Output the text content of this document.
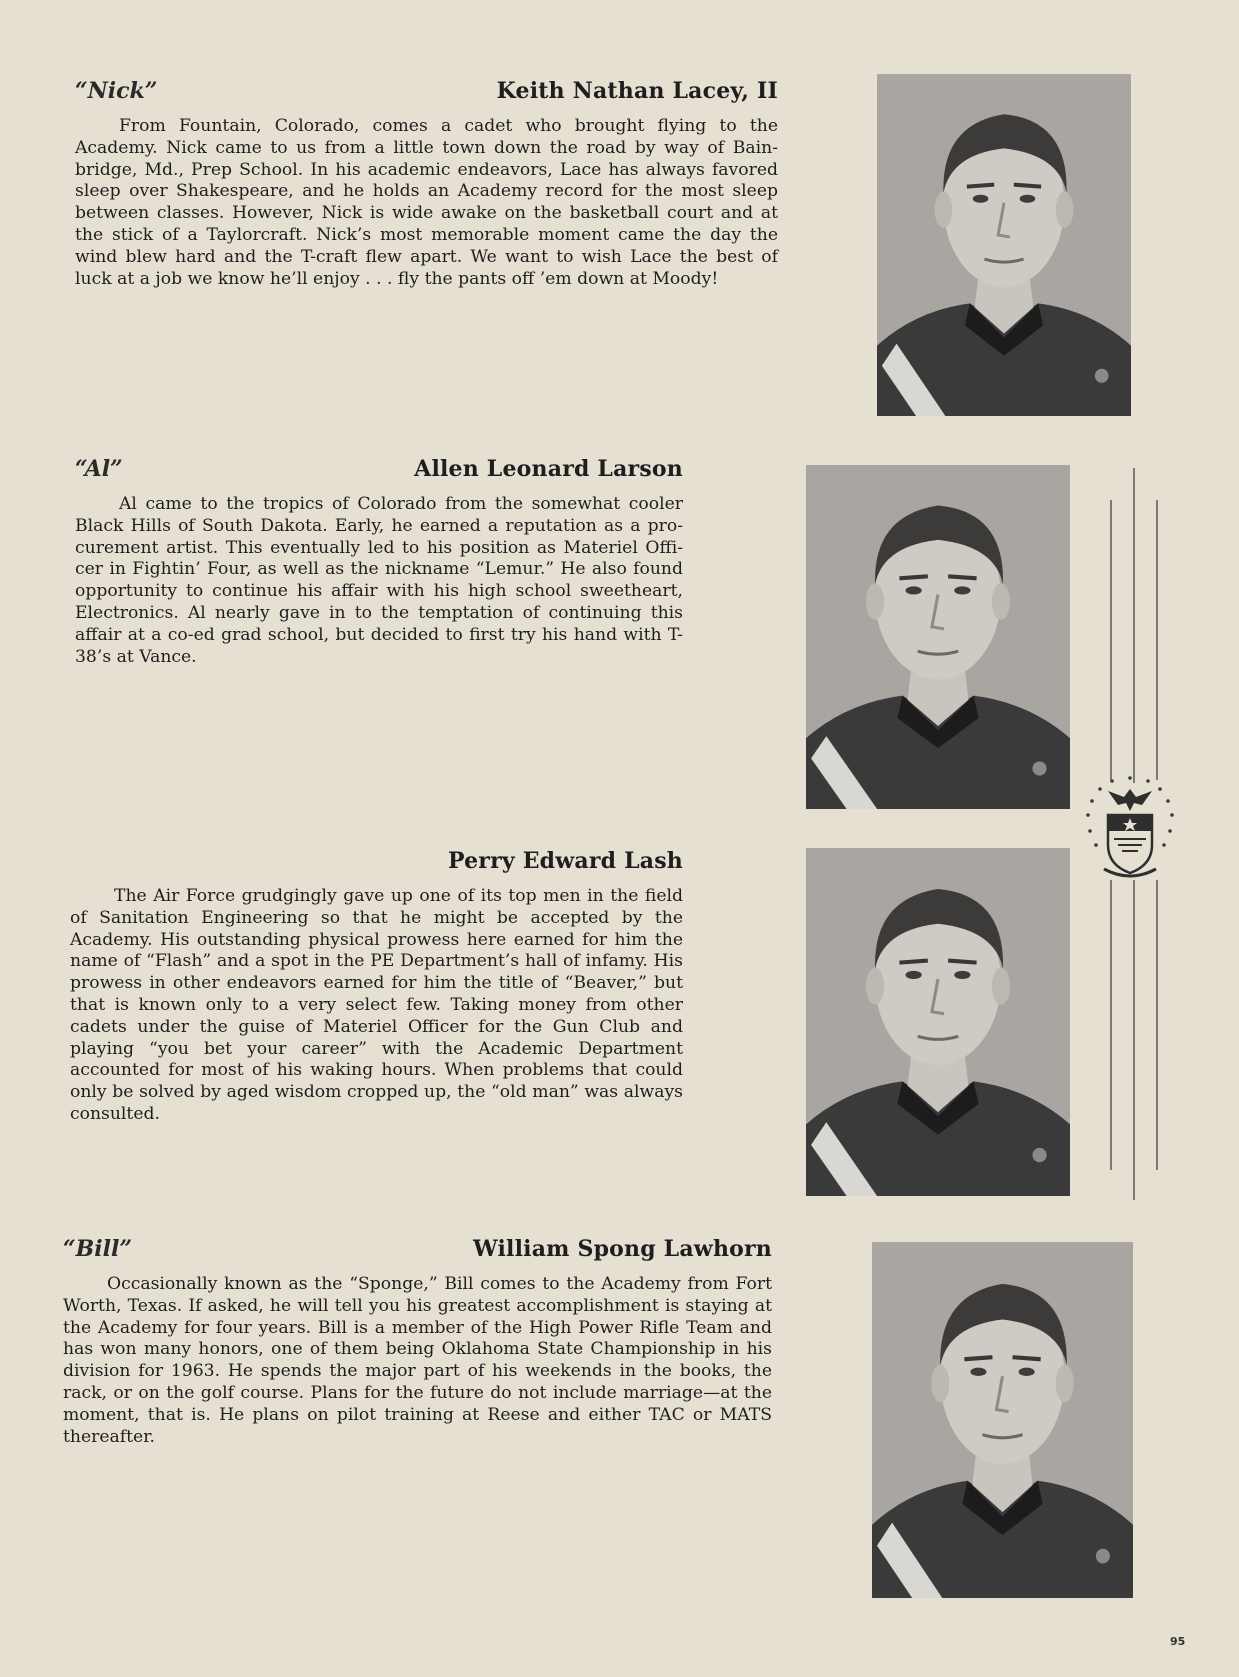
“Nick”	Keith Nathan Lacey, II

From Fountain, Colorado, comes a cadet who brought flying to the Academy. Nick came to us from a little town down the road by way of Bainbridge, Md., Prep School. In his academic endeavors, Lace has always favored sleep over Shakespeare, and he holds an Academy record for the most sleep between classes. However, Nick is wide awake on the basketball court and at the stick of a Taylorcraft. Nick’s most memorable moment came the day the wind blew hard and the T-craft flew apart. We want to wish Lace the best of luck at a job we know he’ll enjoy . . . fly the pants off ’em down at Moody!

“Al”	Allen Leonard Larson

Al came to the tropics of Colorado from the somewhat cooler Black Hills of South Dakota. Early, he earned a reputation as a procurement artist. This eventually led to his position as Materiel Officer in Fightin’ Four, as well as the nickname “Lemur.” He also found opportunity to continue his affair with his high school sweetheart, Electronics. Al nearly gave in to the temptation of continuing this affair at a co-ed grad school, but decided to first try his hand with T-38’s at Vance.

Perry Edward Lash

The Air Force grudgingly gave up one of its top men in the field of Sanitation Engineering so that he might be accepted by the Academy. His outstanding physical prowess here earned for him the name of “Flash” and a spot in the PE Department’s hall of infamy. His prowess in other endeavors earned for him the title of “Beaver,” but that is known only to a very select few. Taking money from other cadets under the guise of Materiel Officer for the Gun Club and playing “you bet your career” with the Academic Department accounted for most of his waking hours. When problems that could only be solved by aged wisdom cropped up, the “old man” was always consulted.

“Bill”	William Spong Lawhorn

Occasionally known as the “Sponge,” Bill comes to the Academy from Fort Worth, Texas. If asked, he will tell you his greatest accomplishment is staying at the Academy for four years. Bill is a member of the High Power Rifle Team and has won many honors, one of them being Oklahoma State Championship in his division for 1963. He spends the major part of his weekends in the books, the rack, or on the golf course. Plans for the future do not include marriage—at the moment, that is. He plans on pilot training at Reese and either TAC or MATS thereafter.

95
